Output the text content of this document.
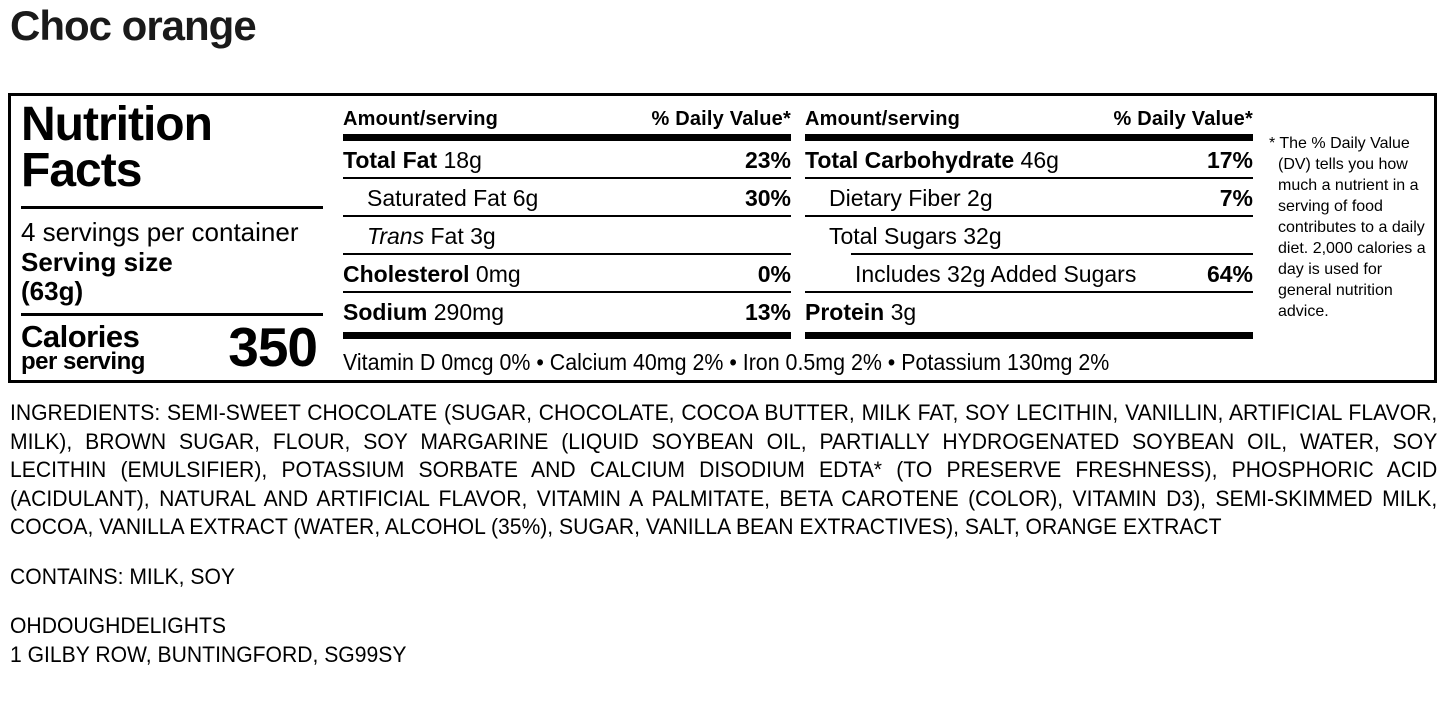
Choc orange
Nutrition
Facts
4 servings per container
Serving size
(63g)
Calories
per serving 350
Amount/serving	% Daily Value*
Total Fat 18g	23%
Saturated Fat 6g	30%
Trans Fat 3g
Cholesterol 0mg	0%
Sodium 290mg	13%
Amount/serving	% Daily Value*
Total Carbohydrate 46g	17%
Dietary Fiber 2g	7%
Total Sugars 32g
Includes 32g Added Sugars	64%
Protein 3g
Vitamin D 0mcg 0% • Calcium 40mg 2% • Iron 0.5mg 2% • Potassium 130mg 2%
* The % Daily Value (DV) tells you how much a nutrient in a serving of food contributes to a daily diet. 2,000 calories a day is used for general nutrition advice.

INGREDIENTS: SEMI-SWEET CHOCOLATE (SUGAR, CHOCOLATE, COCOA BUTTER, MILK FAT, SOY LECITHIN, VANILLIN, ARTIFICIAL FLAVOR, MILK), BROWN SUGAR, FLOUR, SOY MARGARINE (LIQUID SOYBEAN OIL, PARTIALLY HYDROGENATED SOYBEAN OIL, WATER, SOY LECITHIN (EMULSIFIER), POTASSIUM SORBATE AND CALCIUM DISODIUM EDTA* (TO PRESERVE FRESHNESS), PHOSPHORIC ACID (ACIDULANT), NATURAL AND ARTIFICIAL FLAVOR, VITAMIN A PALMITATE, BETA CAROTENE (COLOR), VITAMIN D3), SEMI-SKIMMED MILK, COCOA, VANILLA EXTRACT (WATER, ALCOHOL (35%), SUGAR, VANILLA BEAN EXTRACTIVES), SALT, ORANGE EXTRACT

CONTAINS: MILK, SOY

OHDOUGHDELIGHTS
1 GILBY ROW, BUNTINGFORD, SG99SY
